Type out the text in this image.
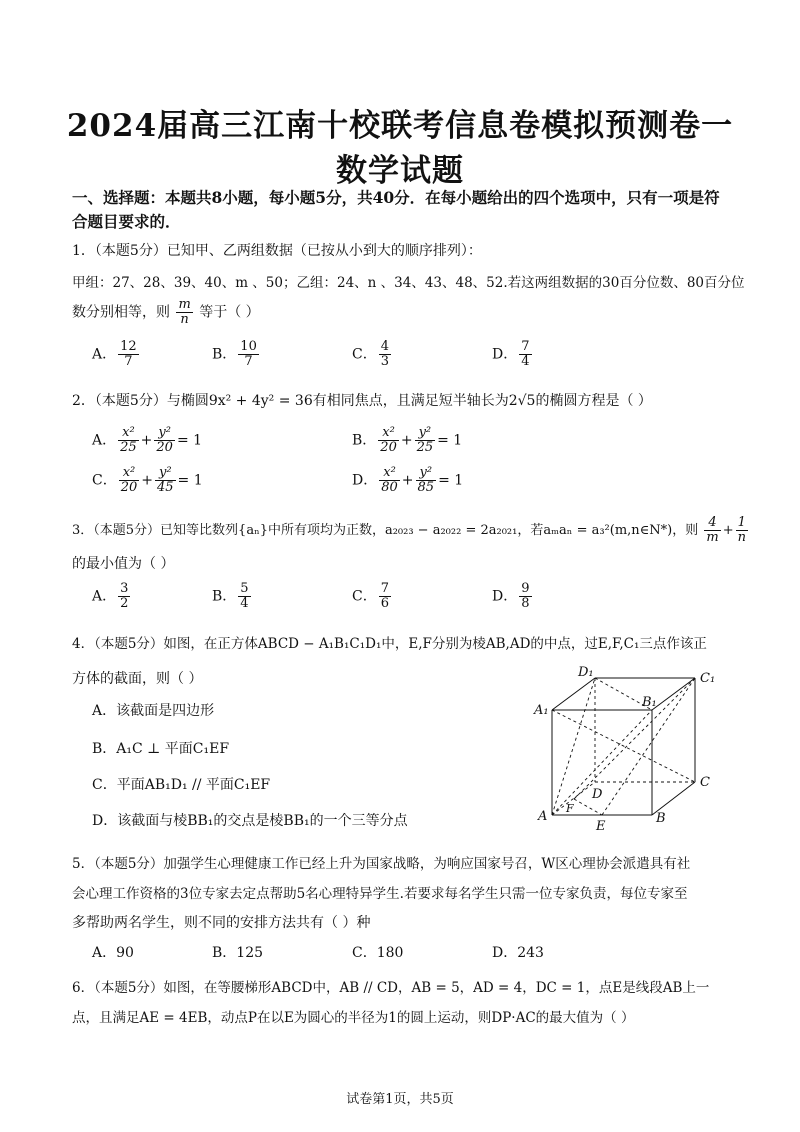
2024届高三江南十校联考信息卷模拟预测卷一
数学试题
一、选择题：本题共8小题，每小题5分，共40分．在每小题给出的四个选项中，只有一项是符合题目要求的．
1．（本题5分）已知甲、乙两组数据（已按从小到大的顺序排列）：
甲组：27、28、39、40、m 、50；乙组：24、n 、34、43、48、52.若这两组数据的30百分位数、80百分位
数分别相等，则 $\frac{m}{n}$ 等于（ ）
A． $\frac{12}{7}$	B． $\frac{10}{7}$	C． $\frac{4}{3}$	D． $\frac{7}{4}$
2．（本题5分）与椭圆9x² + 4y² = 36有相同焦点，且满足短半轴长为2√5的椭圆方程是（ ）
A． $\frac{\text{x²}}{25} + \frac{\text{y²}}{20} = 1$	B． $\frac{\text{x²}}{20} + \frac{\text{y²}}{25} = 1$
C． $\frac{\text{x²}}{20} + \frac{\text{y²}}{45} = 1$	D． $\frac{\text{x²}}{80} + \frac{\text{y²}}{85} = 1$
3．（本题5分）已知等比数列{aₙ}中所有项均为正数，a₂₀₂₃ − a₂₀₂₂ = 2a₂₀₂₁，若aₘaₙ = a₃²(m,n∈N*)，则 $\frac{4}{m} + \frac{1}{n}$
的最小值为（ ）
A． $\frac{3}{2}$	B． $\frac{5}{4}$	C． $\frac{7}{6}$	D． $\frac{9}{8}$
4．（本题5分）如图，在正方体ABCD − A₁B₁C₁D₁中，E,F分别为棱AB,AD的中点，过E,F,C₁三点作该正
方体的截面，则（ ）
A．该截面是四边形
B．A₁C ⊥ 平面C₁EF
C．平面AB₁D₁ // 平面C₁EF
D．该截面与棱BB₁的交点是棱BB₁的一个三等分点
D₁	C₁
B₁
A₁
C
D
F
A
E
B
5．（本题5分）加强学生心理健康工作已经上升为国家战略，为响应国家号召，W区心理协会派遣具有社
会心理工作资格的3位专家去定点帮助5名心理特异学生.若要求每名学生只需一位专家负责，每位专家至
多帮助两名学生，则不同的安排方法共有（ ）种
A．90	B．125	C．180	D．243
6．（本题5分）如图，在等腰梯形ABCD中，AB // CD，AB = 5，AD = 4，DC = 1，点E是线段AB上一
点，且满足AE = 4EB，动点P在以E为圆心的半径为1的圆上运动，则DP·AC的最大值为（ ）
试卷第1页，共5页
